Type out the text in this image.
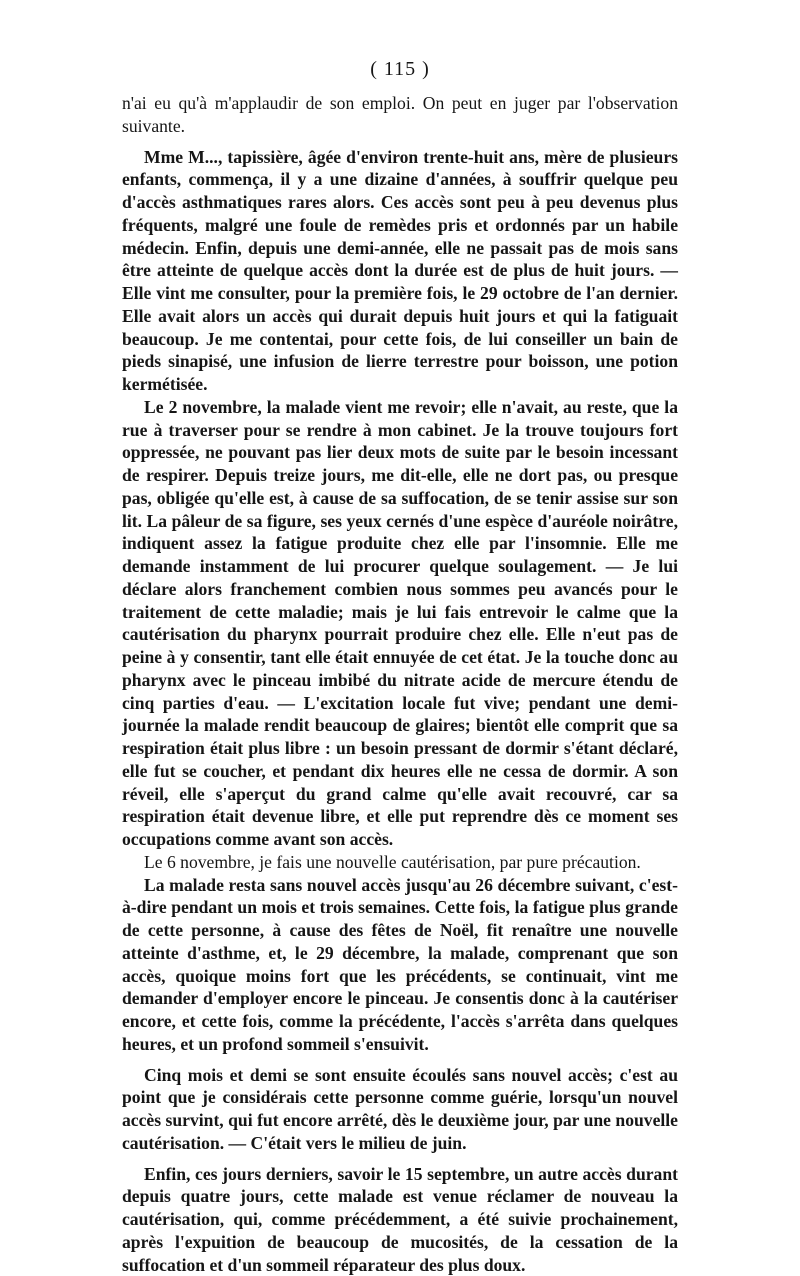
( 115 )

n'ai eu qu'à m'applaudir de son emploi. On peut en juger par l'observation suivante.

Mme M..., tapissière, âgée d'environ trente-huit ans, mère de plusieurs enfants, commença, il y a une dizaine d'années, à souffrir quelque peu d'accès asthmatiques rares alors. Ces accès sont peu à peu devenus plus fréquents, malgré une foule de remèdes pris et ordonnés par un habile médecin. Enfin, depuis une demi-année, elle ne passait pas de mois sans être atteinte de quelque accès dont la durée est de plus de huit jours. — Elle vint me consulter, pour la première fois, le 29 octobre de l'an dernier. Elle avait alors un accès qui durait depuis huit jours et qui la fatiguait beaucoup. Je me contentai, pour cette fois, de lui conseiller un bain de pieds sinapisé, une infusion de lierre terrestre pour boisson, une potion kermétisée.

Le 2 novembre, la malade vient me revoir; elle n'avait, au reste, que la rue à traverser pour se rendre à mon cabinet. Je la trouve toujours fort oppressée, ne pouvant pas lier deux mots de suite par le besoin incessant de respirer. Depuis treize jours, me dit-elle, elle ne dort pas, ou presque pas, obligée qu'elle est, à cause de sa suffocation, de se tenir assise sur son lit. La pâleur de sa figure, ses yeux cernés d'une espèce d'auréole noirâtre, indiquent assez la fatigue produite chez elle par l'insomnie. Elle me demande instamment de lui procurer quelque soulagement. — Je lui déclare alors franchement combien nous sommes peu avancés pour le traitement de cette maladie; mais je lui fais entrevoir le calme que la cautérisation du pharynx pourrait produire chez elle. Elle n'eut pas de peine à y consentir, tant elle était ennuyée de cet état. Je la touche donc au pharynx avec le pinceau imbibé du nitrate acide de mercure étendu de cinq parties d'eau. — L'excitation locale fut vive; pendant une demi-journée la malade rendit beaucoup de glaires; bientôt elle comprit que sa respiration était plus libre : un besoin pressant de dormir s'étant déclaré, elle fut se coucher, et pendant dix heures elle ne cessa de dormir. A son réveil, elle s'aperçut du grand calme qu'elle avait recouvré, car sa respiration était devenue libre, et elle put reprendre dès ce moment ses occupations comme avant son accès.

Le 6 novembre, je fais une nouvelle cautérisation, par pure précaution.

La malade resta sans nouvel accès jusqu'au 26 décembre suivant, c'est-à-dire pendant un mois et trois semaines. Cette fois, la fatigue plus grande de cette personne, à cause des fêtes de Noël, fit renaître une nouvelle atteinte d'asthme, et, le 29 décembre, la malade, comprenant que son accès, quoique moins fort que les précédents, se continuait, vint me demander d'employer encore le pinceau. Je consentis donc à la cautériser encore, et cette fois, comme la précédente, l'accès s'arrêta dans quelques heures, et un profond sommeil s'ensuivit.

Cinq mois et demi se sont ensuite écoulés sans nouvel accès; c'est au point que je considérais cette personne comme guérie, lorsqu'un nouvel accès survint, qui fut encore arrêté, dès le deuxième jour, par une nouvelle cautérisation. — C'était vers le milieu de juin.

Enfin, ces jours derniers, savoir le 15 septembre, un autre accès durant depuis quatre jours, cette malade est venue réclamer de nouveau la cautérisation, qui, comme précédemment, a été suivie prochainement, après l'expuition de beaucoup de mucosités, de la cessation de la suffocation et d'un sommeil réparateur des plus doux.
